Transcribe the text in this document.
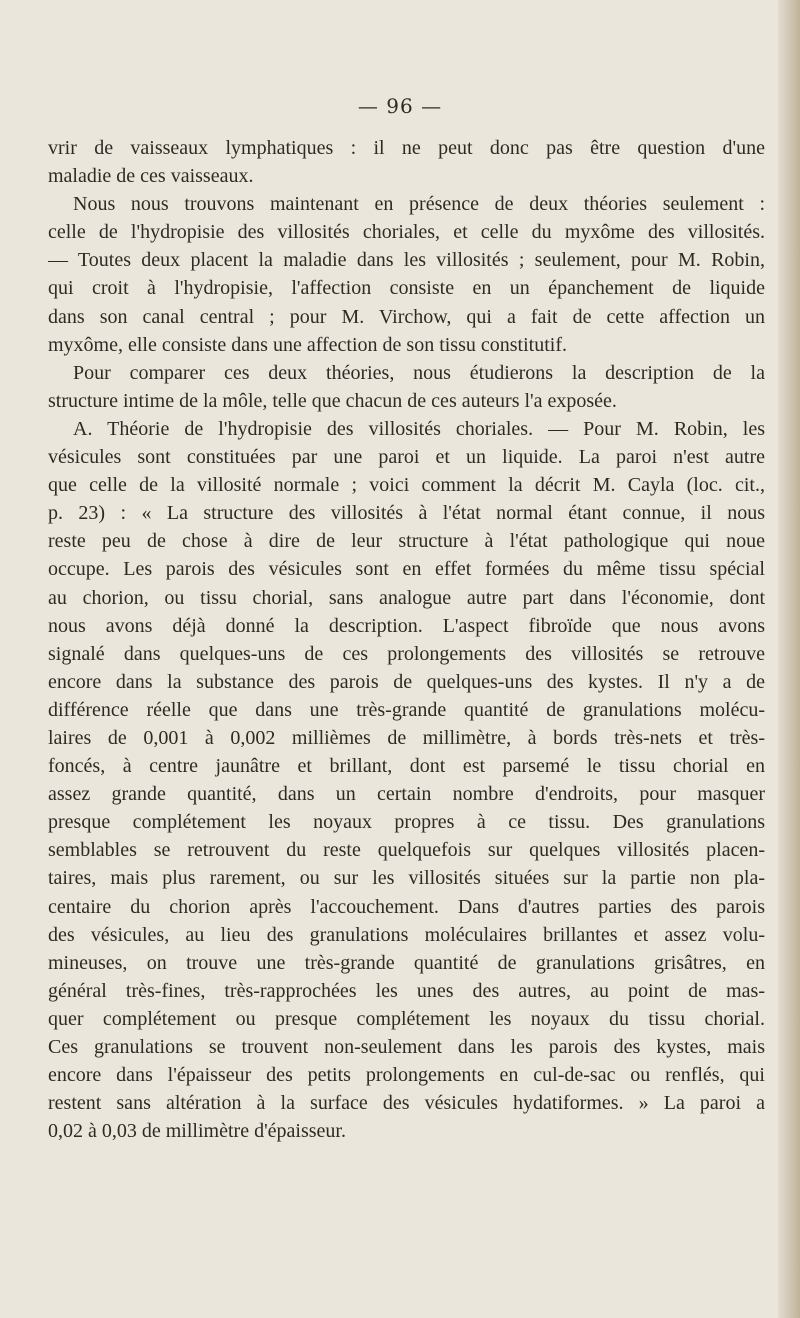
— 96 —
vrir de vaisseaux lymphatiques : il ne peut donc pas être question d'une
maladie de ces vaisseaux.
Nous nous trouvons maintenant en présence de deux théories seulement :
celle de l'hydropisie des villosités choriales, et celle du myxôme des villosités.
— Toutes deux placent la maladie dans les villosités ; seulement, pour M. Robin,
qui croit à l'hydropisie, l'affection consiste en un épanchement de liquide
dans son canal central ; pour M. Virchow, qui a fait de cette affection un
myxôme, elle consiste dans une affection de son tissu constitutif.
Pour comparer ces deux théories, nous étudierons la description de la
structure intime de la môle, telle que chacun de ces auteurs l'a exposée.
A. Théorie de l'hydropisie des villosités choriales. — Pour M. Robin, les
vésicules sont constituées par une paroi et un liquide. La paroi n'est autre
que celle de la villosité normale ; voici comment la décrit M. Cayla (loc. cit.,
p. 23) : « La structure des villosités à l'état normal étant connue, il nous
reste peu de chose à dire de leur structure à l'état pathologique qui noue
occupe. Les parois des vésicules sont en effet formées du même tissu spécial
au chorion, ou tissu chorial, sans analogue autre part dans l'économie, dont
nous avons déjà donné la description. L'aspect fibroïde que nous avons
signalé dans quelques-uns de ces prolongements des villosités se retrouve
encore dans la substance des parois de quelques-uns des kystes. Il n'y a de
différence réelle que dans une très-grande quantité de granulations molécu-
laires de 0,001 à 0,002 millièmes de millimètre, à bords très-nets et très-
foncés, à centre jaunâtre et brillant, dont est parsemé le tissu chorial en
assez grande quantité, dans un certain nombre d'endroits, pour masquer
presque complétement les noyaux propres à ce tissu. Des granulations
semblables se retrouvent du reste quelquefois sur quelques villosités placen-
taires, mais plus rarement, ou sur les villosités situées sur la partie non pla-
centaire du chorion après l'accouchement. Dans d'autres parties des parois
des vésicules, au lieu des granulations moléculaires brillantes et assez volu-
mineuses, on trouve une très-grande quantité de granulations grisâtres, en
général très-fines, très-rapprochées les unes des autres, au point de mas-
quer complétement ou presque complétement les noyaux du tissu chorial.
Ces granulations se trouvent non-seulement dans les parois des kystes, mais
encore dans l'épaisseur des petits prolongements en cul-de-sac ou renflés, qui
restent sans altération à la surface des vésicules hydatiformes. » La paroi a
0,02 à 0,03 de millimètre d'épaisseur.
